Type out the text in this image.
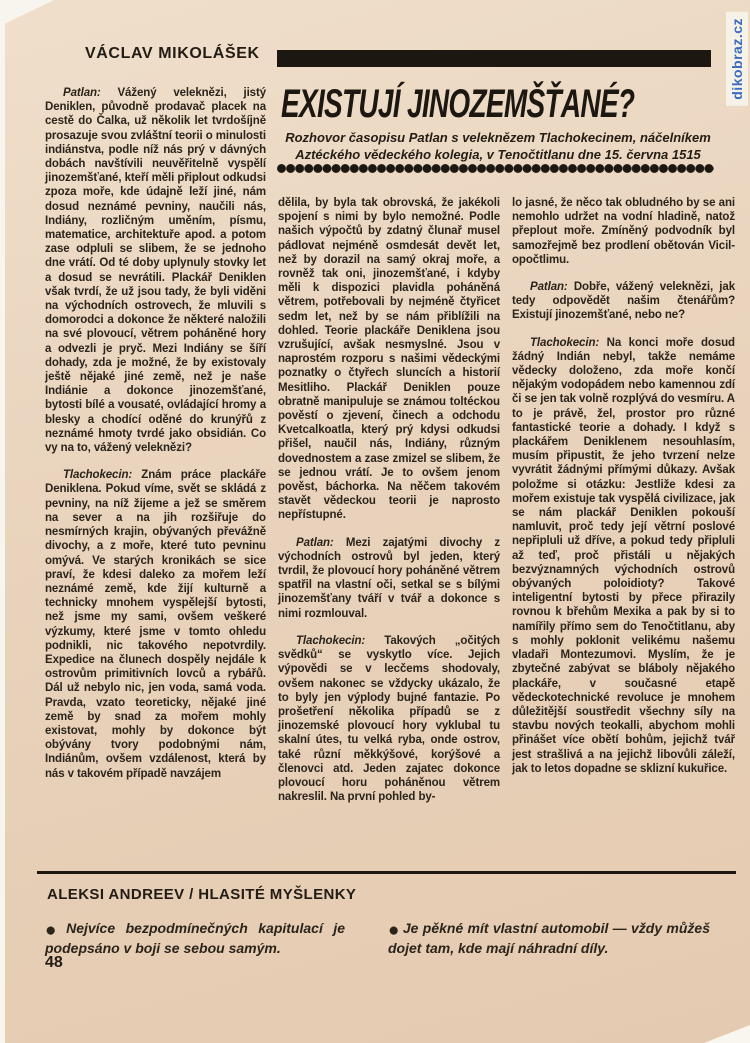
dikobraz.cz
VÁCLAV MIKOLÁŠEK
EXISTUJÍ JINOZEMŠŤANÉ?
Rozhovor časopisu Patlan s veleknězem Tlachokecinem, náčelníkem
Aztéckého vědeckého kolegia, v Tenočtitlanu dne 15. června 1515

Patlan: Vážený veleknězi, jistý Deniklen, původně prodavač placek na cestě do Čalka, už několik let tvrdošíjně prosazuje svou zvláštní teorii o minulosti indiánstva, podle níž nás prý v dávných dobách navštívili neuvěřitelně vyspělí jinozemšťané, kteří měli připlout odkudsi zpoza moře, kde údajně leží jiné, nám dosud neznámé pevniny, naučili nás, Indiány, rozličným uměním, písmu, matematice, architektuře apod. a potom zase odpluli se slibem, že se jednoho dne vrátí. Od té doby uplynuly stovky let a dosud se nevrátili. Plackář Deniklen však tvrdí, že už jsou tady, že byli viděni na východních ostrovech, že mluvili s domorodci a dokonce že některé naložili na své plovoucí, větrem poháněné hory a odvezli je pryč. Mezi Indiány se šíří dohady, zda je možné, že by existovaly ještě nějaké jiné země, než je naše Indiánie a dokonce jinozemšťané, bytosti bílé a vousaté, ovládající hromy a blesky a chodící oděné do krunýřů z neznámé hmoty tvrdé jako obsidián. Co vy na to, vážený veleknězi?

Tlachokecin: Znám práce plackáře Deniklena. Pokud víme, svět se skládá z pevniny, na níž žijeme a jež se směrem na sever a na jih rozšiřuje do nesmírných krajin, obývaných převážně divochy, a z moře, které tuto pevninu omývá. Ve starých kronikách se sice praví, že kdesi daleko za mořem leží neznámé země, kde žijí kulturně a technicky mnohem vyspělejší bytosti, než jsme my sami, ovšem veškeré výzkumy, které jsme v tomto ohledu podnikli, nic takového nepotvrdily. Expedice na člunech dospěly nejdále k ostrovům primitivních lovců a rybářů. Dál už nebylo nic, jen voda, samá voda. Pravda, vzato teoreticky, nějaké jiné země by snad za mořem mohly existovat, mohly by dokonce být obývány tvory podobnými nám, Indiánům, ovšem vzdálenost, která by nás v takovém případě navzájem

dělila, by byla tak obrovská, že jakékoli spojení s nimi by bylo nemožné. Podle našich výpočtů by zdatný člunař musel pádlovat nejméně osmdesát devět let, než by dorazil na samý okraj moře, a rovněž tak oni, jinozemšťané, i kdyby měli k dispozici plavidla poháněná větrem, potřebovali by nejméně čtyřicet sedm let, než by se nám přiblížili na dohled. Teorie plackáře Deniklena jsou vzrušující, avšak nesmyslné. Jsou v naprostém rozporu s našimi vědeckými poznatky o čtyřech sluncích a historií Mesitliho. Plackář Deniklen pouze obratně manipuluje se známou toltéckou pověstí o zjevení, činech a odchodu Kvetcalkoatla, který prý kdysi odkudsi přišel, naučil nás, Indiány, různým dovednostem a zase zmizel se slibem, že se jednou vrátí. Je to ovšem jenom pověst, báchorka. Na něčem takovém stavět vědeckou teorii je naprosto nepřístupné.

Patlan: Mezi zajatými divochy z východních ostrovů byl jeden, který tvrdil, že plovoucí hory poháněné větrem spatřil na vlastní oči, setkal se s bílými jinozemšťany tváří v tvář a dokonce s nimi rozmlouval.

Tlachokecin: Takových „očitých svědků“ se vyskytlo více. Jejich výpovědi se v lecčems shodovaly, ovšem nakonec se vždycky ukázalo, že to byly jen výplody bujné fantazie. Po prošetření několika případů se z jinozemské plovoucí hory vyklubal tu skalní útes, tu velká ryba, onde ostrov, také různí měkkýšové, korýšové a členovci atd. Jeden zajatec dokonce plovoucí horu poháněnou větrem nakreslil. Na první pohled by-

lo jasné, že něco tak obludného by se ani nemohlo udržet na vodní hladině, natož přeplout moře. Zmíněný podvodník byl samozřejmě bez prodlení obětován Vicil-opočtlimu.

Patlan: Dobře, vážený veleknězi, jak tedy odpovědět našim čtenářům? Existují jinozemšťané, nebo ne?

Tlachokecin: Na konci moře dosud žádný Indián nebyl, takže nemáme vědecky doloženo, zda moře končí nějakým vodopádem nebo kamennou zdí či se jen tak volně rozplývá do vesmíru. A to je právě, žel, prostor pro různé fantastické teorie a dohady. I když s plackářem Deniklenem nesouhlasím, musím připustit, že jeho tvrzení nelze vyvrátit žádnými přímými důkazy. Avšak položme si otázku: Jestliže kdesi za mořem existuje tak vyspělá civilizace, jak se nám plackář Deniklen pokouší namluvit, proč tedy její větrní poslové nepřipluli už dříve, a pokud tedy připluli až teď, proč přistáli u nějakých bezvýznamných východních ostrovů obývaných poloidioty? Takové inteligentní bytosti by přece přirazily rovnou k břehům Mexika a pak by si to namířily přímo sem do Tenočtitlanu, aby s mohly poklonit velikému našemu vladaři Montezumovi. Myslím, že je zbytečné zabývat se bláboly nějakého plackáře, v současné etapě vědeckotechnické revoluce je mnohem důležitější soustředit všechny síly na stavbu nových teokalli, abychom mohli přinášet více obětí bohům, jejichž tvář jest strašlivá a na jejichž libovůli záleží, jak to letos dopadne se sklizní kukuřice.

ALEKSI ANDREEV / HLASITÉ MYŠLENKY
● Nejvíce bezpodmínečných kapitulací je podepsáno v boji se sebou samým.
● Je pěkné mít vlastní automobil — vždy můžeš dojet tam, kde mají náhradní díly.
48
